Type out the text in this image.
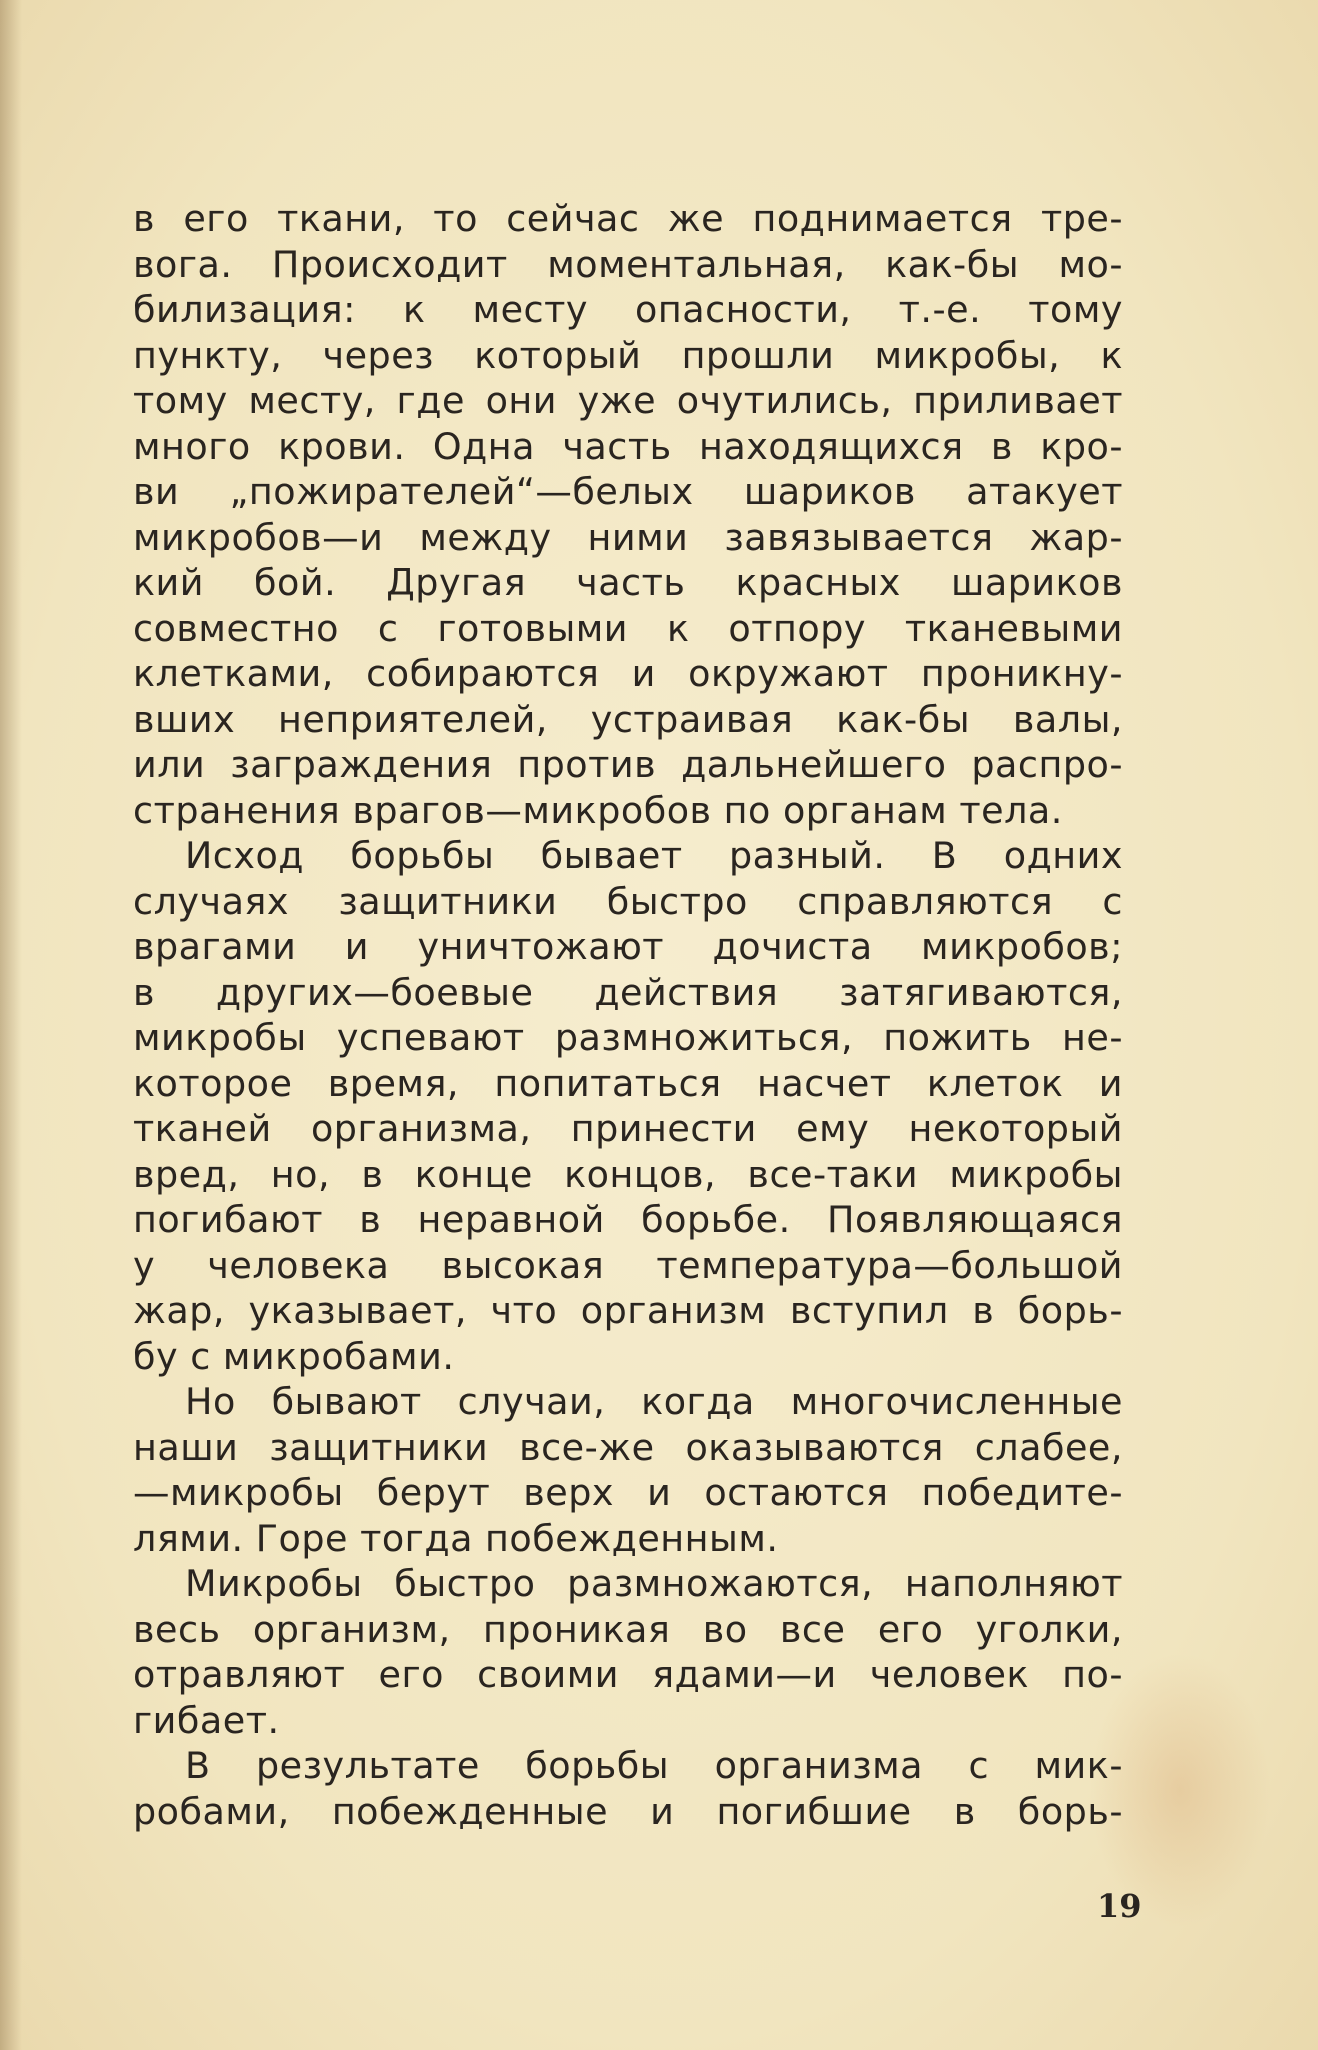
в его ткани, то сейчас же поднимается тре-
вога. Происходит моментальная, как-бы мо-
билизация: к месту опасности, т.-е. тому
пункту, через который прошли микробы, к
тому месту, где они уже очутились, приливает
много крови. Одна часть находящихся в кро-
ви „пожирателей“—белых шариков атакует
микробов—и между ними завязывается жар-
кий бой. Другая часть красных шариков
совместно с готовыми к отпору тканевыми
клетками, собираются и окружают проникну-
вших неприятелей, устраивая как-бы валы,
или заграждения против дальнейшего распро-
странения врагов—микробов по органам тела.
Исход борьбы бывает разный. В одних
случаях защитники быстро справляются с
врагами и уничтожают дочиста микробов;
в других—боевые действия затягиваются,
микробы успевают размножиться, пожить не-
которое время, попитаться насчет клеток и
тканей организма, принести ему некоторый
вред, но, в конце концов, все-таки микробы
погибают в неравной борьбе. Появляющаяся
у человека высокая температура—большой
жар, указывает, что организм вступил в борь-
бу с микробами.
Но бывают случаи, когда многочисленные
наши защитники все-же оказываются слабее,
—микробы берут верх и остаются победите-
лями. Горе тогда побежденным.
Микробы быстро размножаются, наполняют
весь организм, проникая во все его уголки,
отравляют его своими ядами—и человек по-
гибает.
В результате борьбы организма с мик-
робами, побежденные и погибшие в борь-
19
